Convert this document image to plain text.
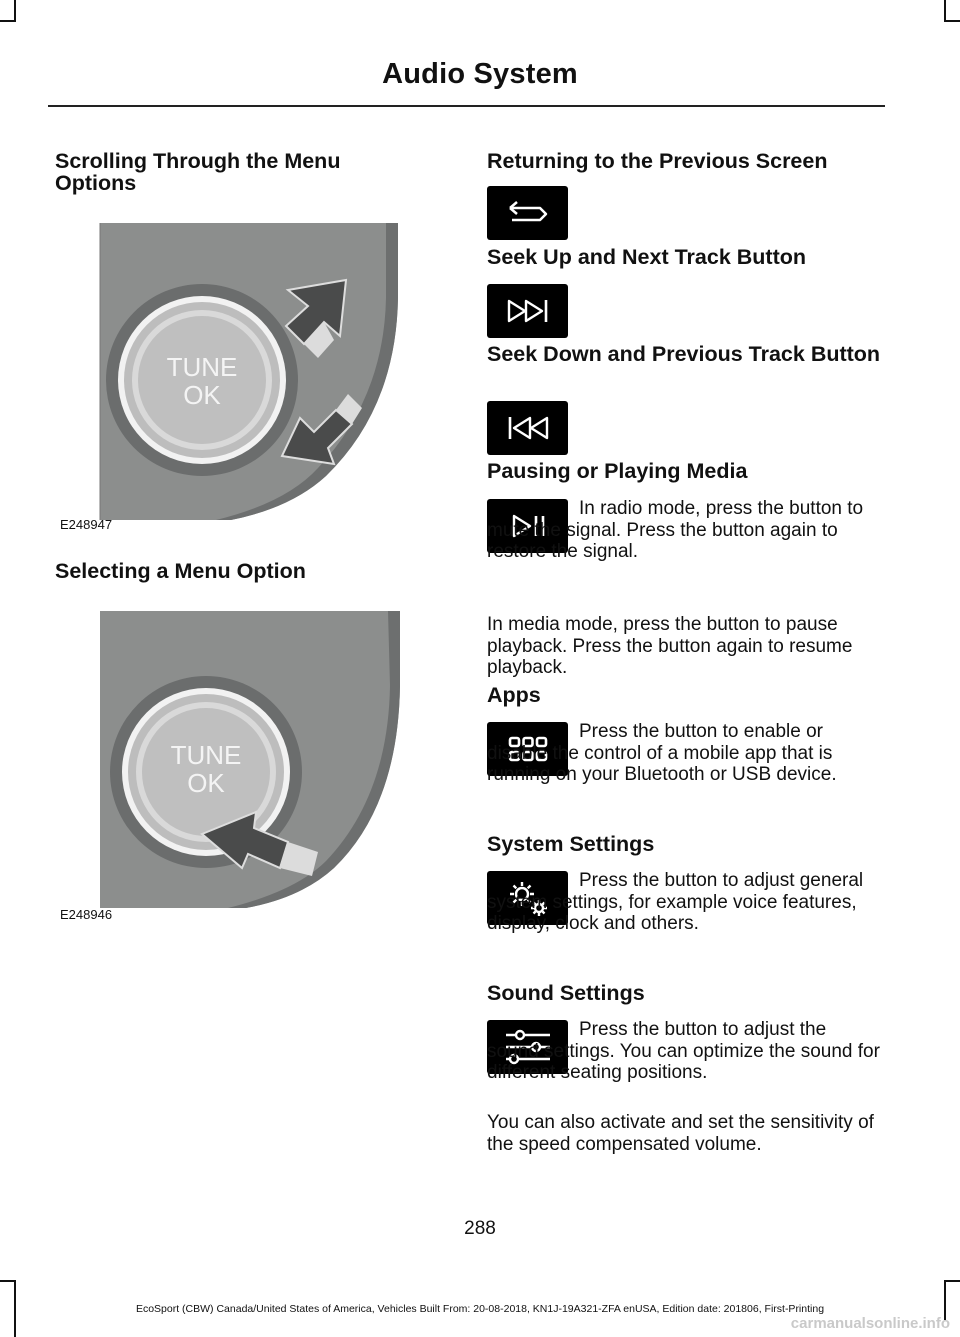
Audio System
Scrolling Through the Menu Options
TUNE
OK
E248947
Selecting a Menu Option
TUNE
OK
E248946
Returning to the Previous Screen
Seek Up and Next Track Button
Seek Down and Previous Track Button
Pausing or Playing Media

In radio mode, press the button to mute the signal. Press the button again to restore the signal.

In media mode, press the button to pause playback. Press the button again to resume playback.

Apps

Press the button to enable or disable the control of a mobile app that is running on your Bluetooth or USB device.

System Settings

Press the button to adjust general system settings, for example voice features, display, clock and others.

Sound Settings

Press the button to adjust the sound settings. You can optimize the sound for different seating positions.

You can also activate and set the sensitivity of the speed compensated volume.

288
EcoSport (CBW) Canada/United States of America, Vehicles Built From: 20-08-2018, KN1J-19A321-ZFA enUSA, Edition date: 201806, First-Printing
carmanualsonline.info
